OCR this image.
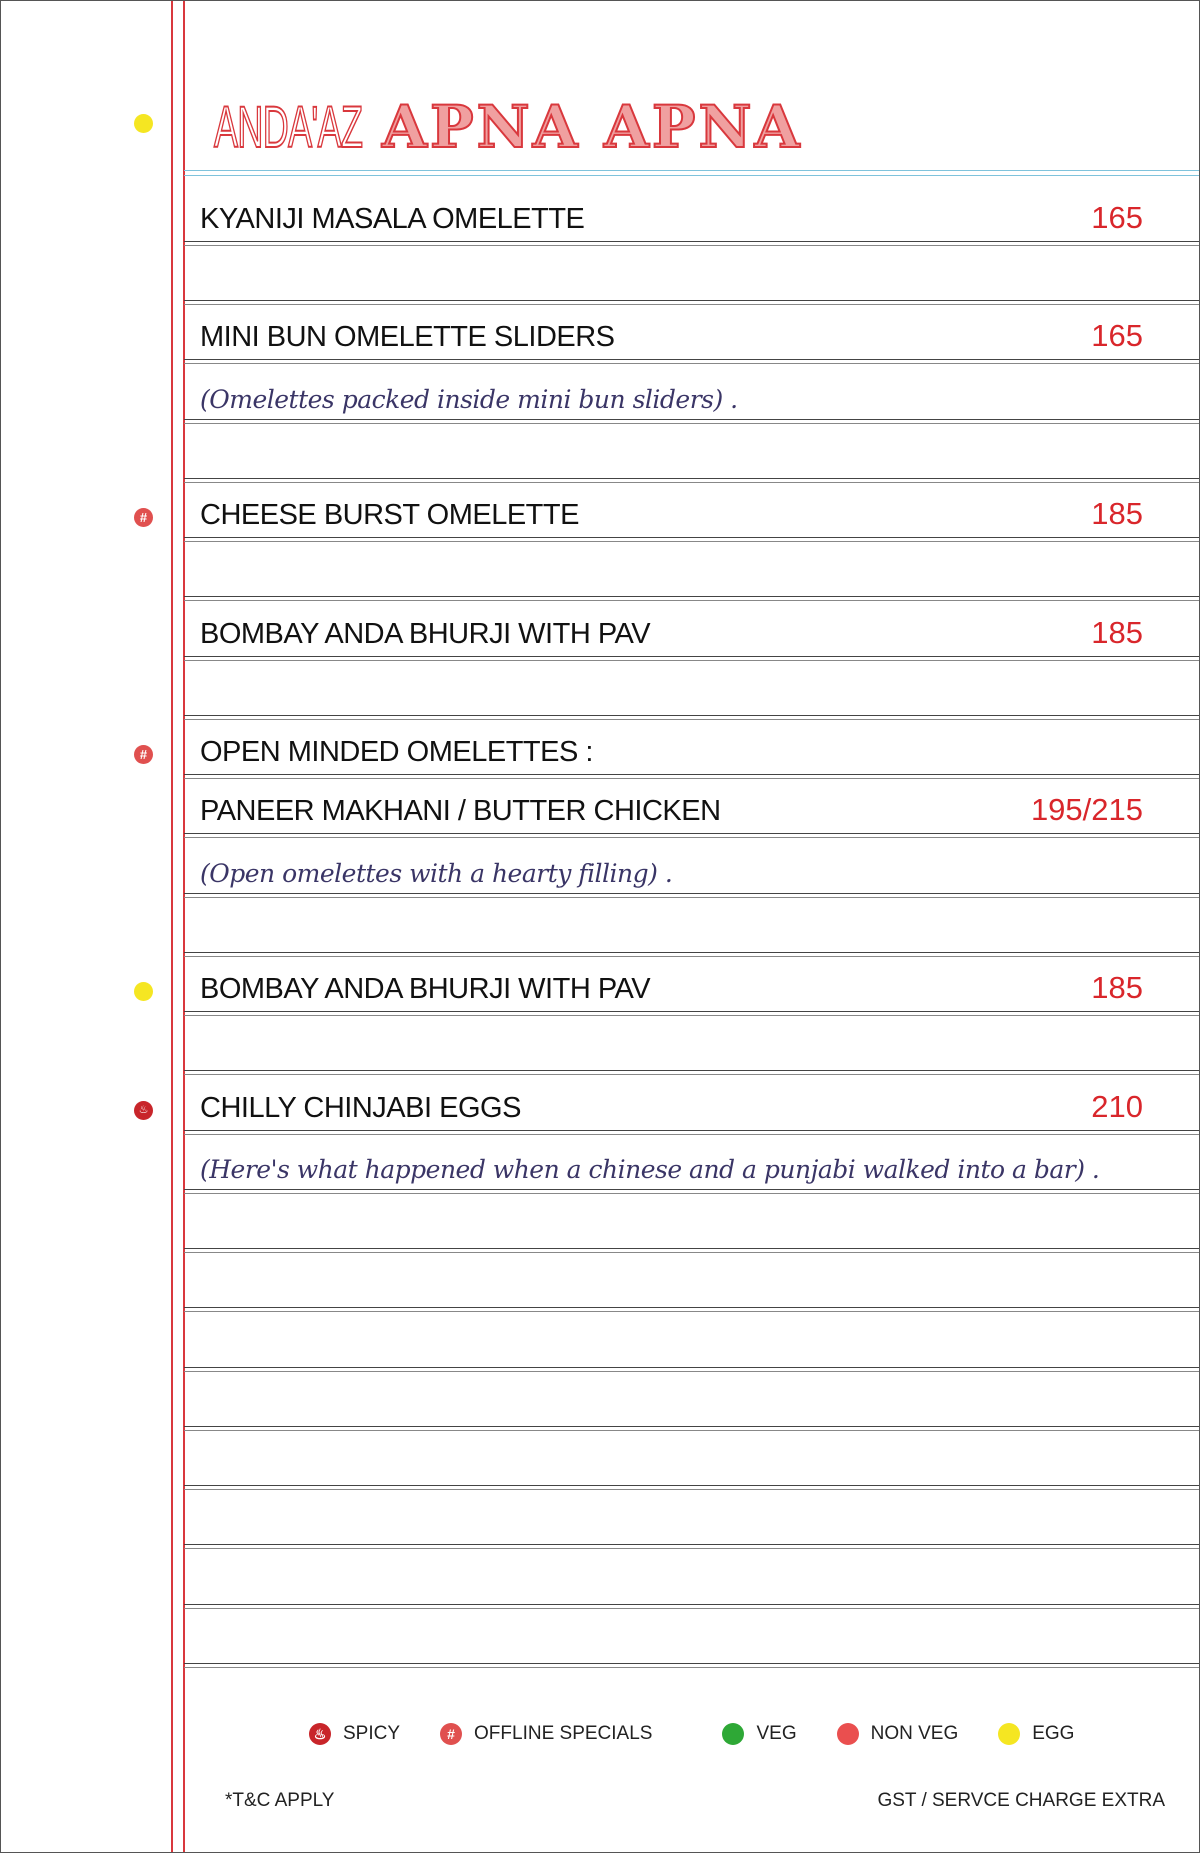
ANDA'AZ APNA APNA
KYANIJI MASALA OMELETTE	165
MINI BUN OMELETTE SLIDERS	165
(Omelettes packed inside mini bun sliders) .
CHEESE BURST OMELETTE	185
BOMBAY ANDA BHURJI WITH PAV	185
OPEN MINDED OMELETTES :
PANEER MAKHANI / BUTTER CHICKEN	195/215
(Open omelettes with a hearty filling) .
BOMBAY ANDA BHURJI WITH PAV	185
CHILLY CHINJABI EGGS	210
(Here's what happened when a chinese and a punjabi walked into a bar) .
♨ SPICY	#	OFFLINE SPECIALS	VEG	NON VEG	EGG
*T&C APPLY	GST / SERVCE CHARGE EXTRA
#
#
♨
